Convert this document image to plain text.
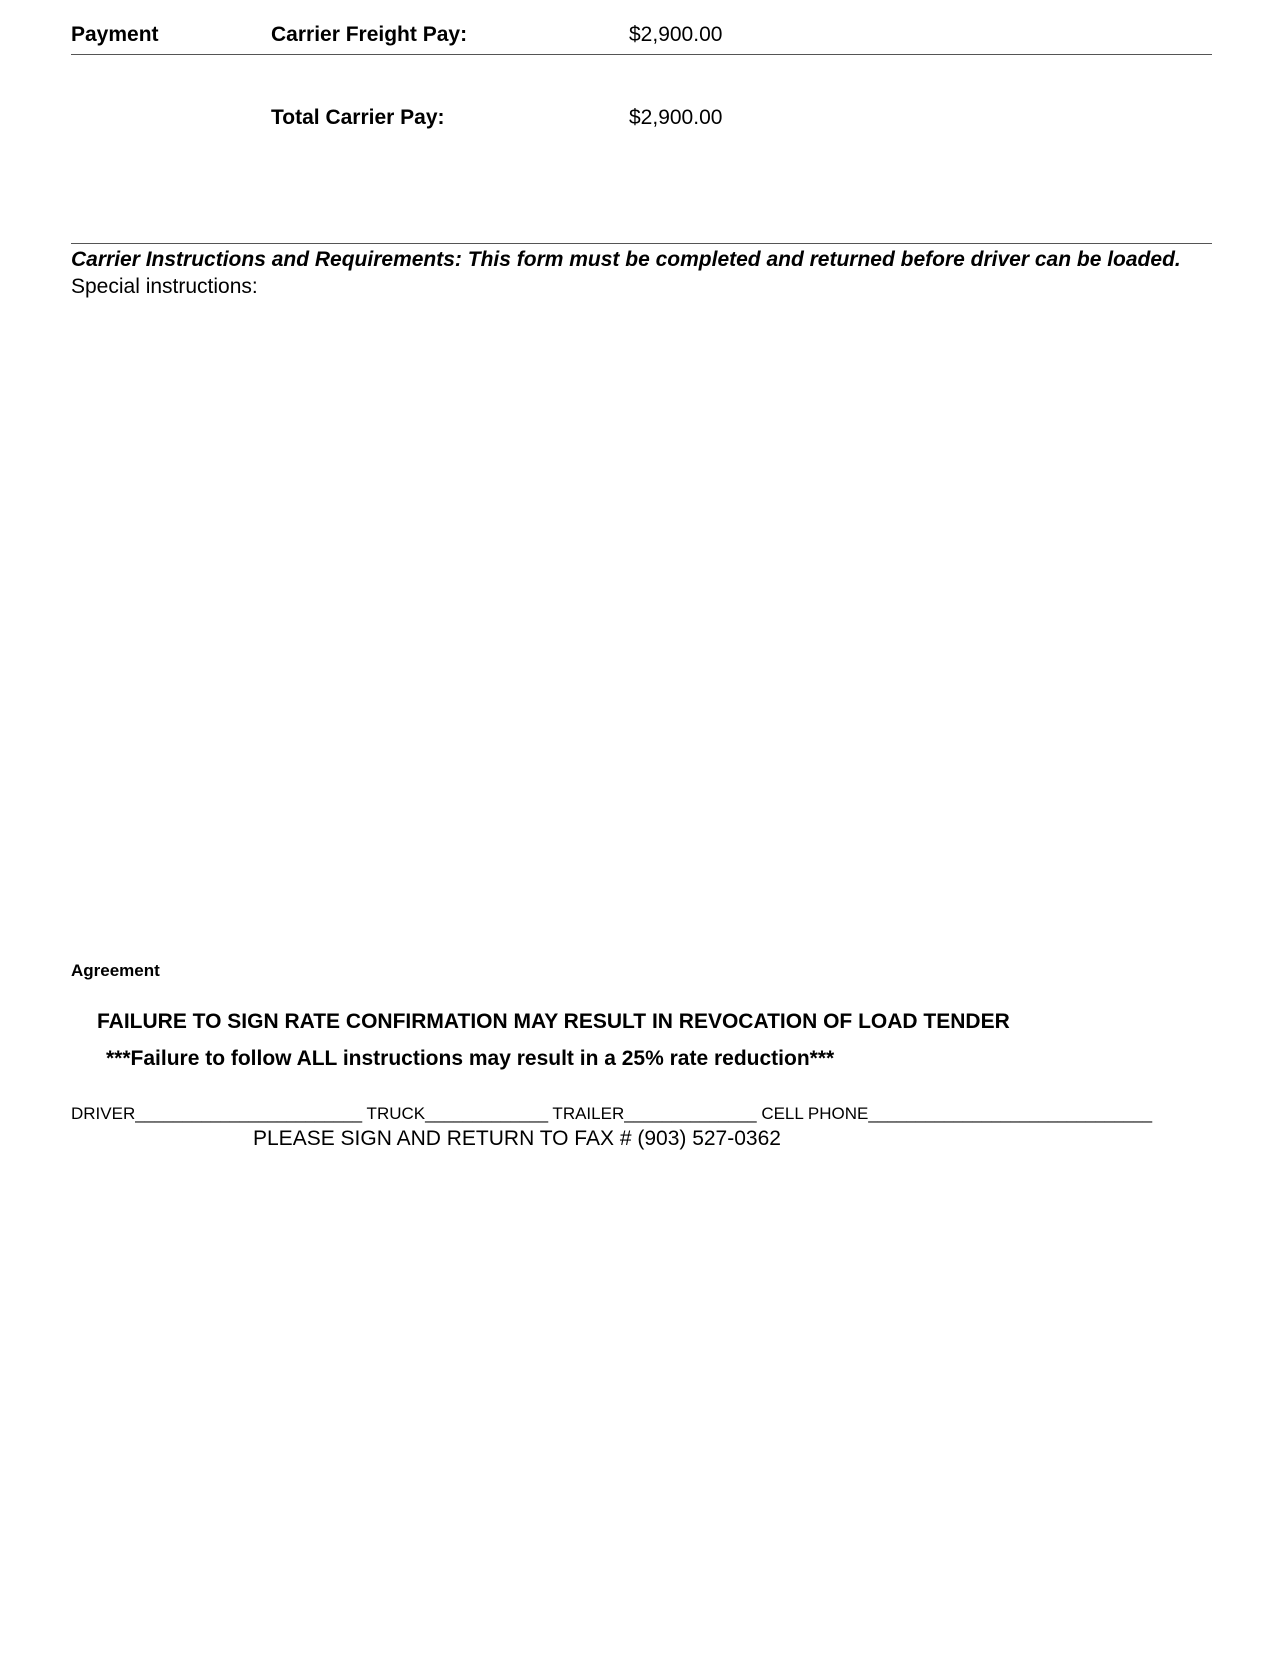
Payment	Carrier Freight Pay:	$2,900.00
Total Carrier Pay:	$2,900.00
Carrier Instructions and Requirements: This form must be completed and returned before driver can be loaded.
Special instructions:
Agreement
FAILURE TO SIGN RATE CONFIRMATION MAY RESULT IN REVOCATION OF LOAD TENDER
***Failure to follow ALL instructions may result in a 25% rate reduction***
DRIVER________________________ TRUCK_____________ TRAILER______________ CELL PHONE______________________________
PLEASE SIGN AND RETURN TO FAX # (903) 527-0362
